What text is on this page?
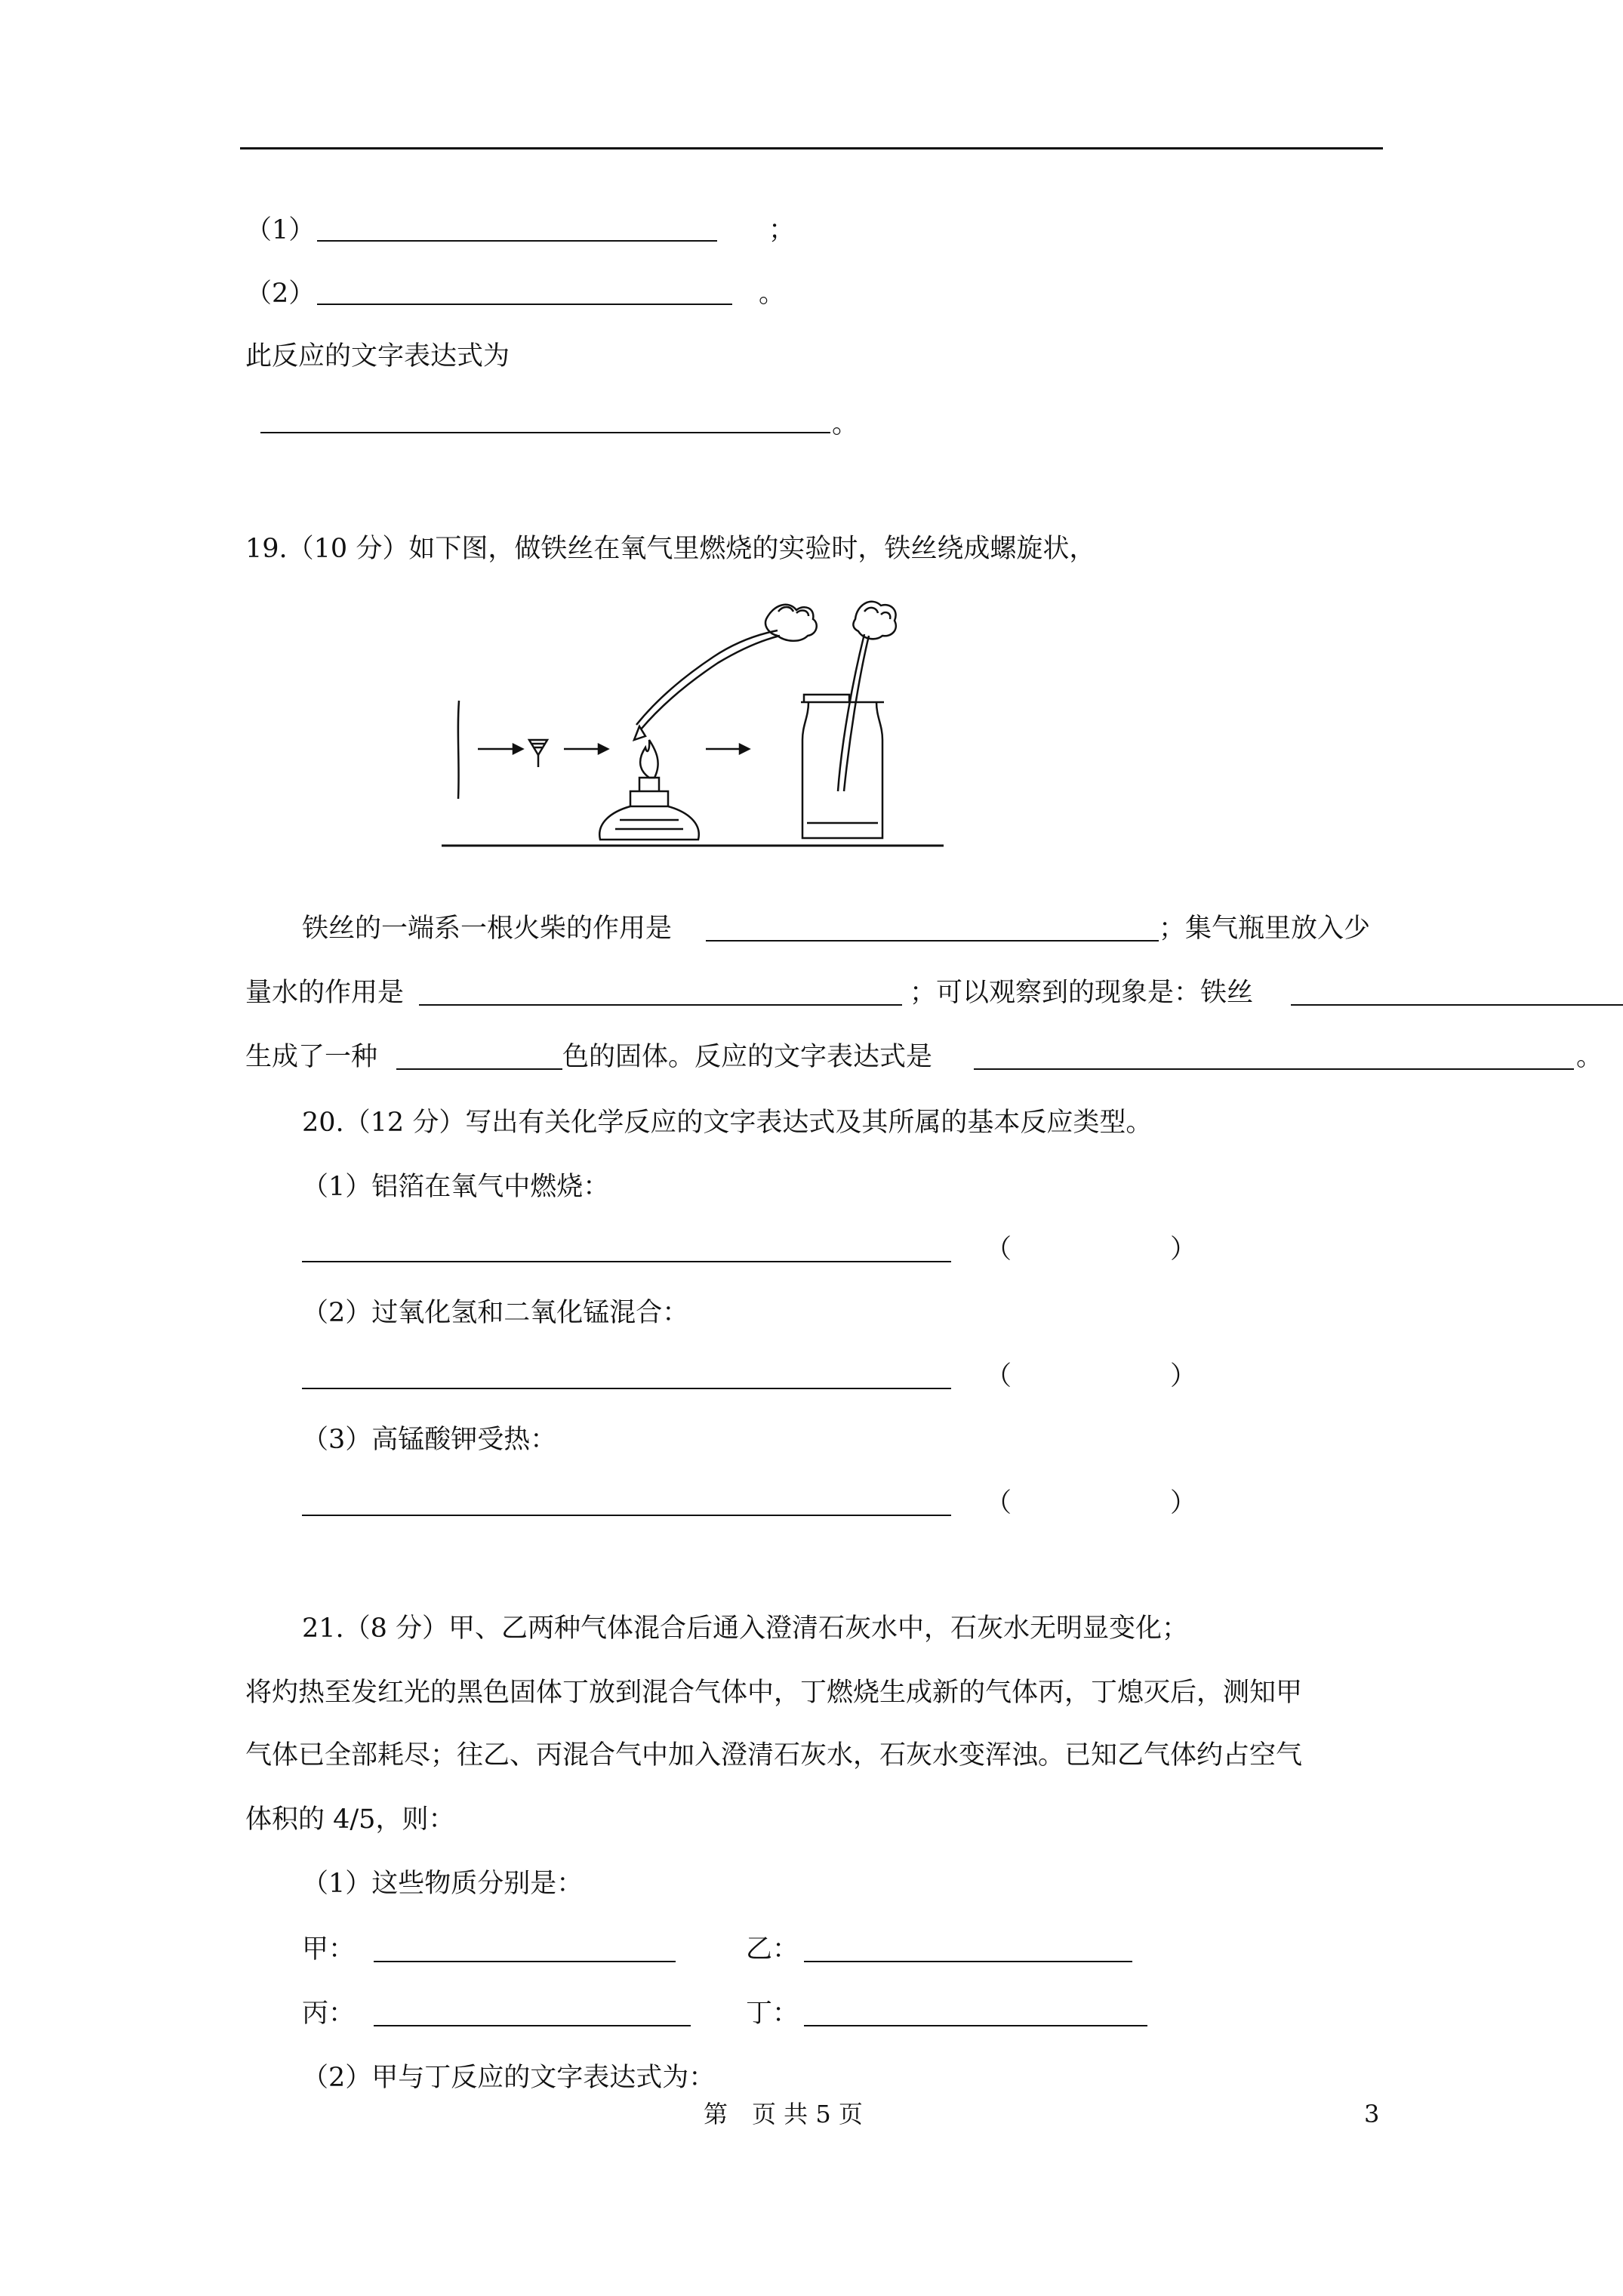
（1）	；
（2）	。
此反应的文字表达式为
。
19.（10 分）如下图，做铁丝在氧气里燃烧的实验时，铁丝绕成螺旋状，
铁丝的一端系一根火柴的作用是	；集气瓶里放入少
量水的作用是	；可以观察到的现象是：铁丝
生成了一种	色的固体。反应的文字表达式是	。
20.（12 分）写出有关化学反应的文字表达式及其所属的基本反应类型。
（1）铝箔在氧气中燃烧：
（	）
（2）过氧化氢和二氧化锰混合：
（	）
（3）高锰酸钾受热：
（	）
21.（8 分）甲、乙两种气体混合后通入澄清石灰水中，石灰水无明显变化；
将灼热至发红光的黑色固体丁放到混合气体中，丁燃烧生成新的气体丙，丁熄灭后，测知甲
气体已全部耗尽；往乙、丙混合气中加入澄清石灰水，石灰水变浑浊。已知乙气体约占空气
体积的 4/5，则：
（1）这些物质分别是：
甲：	乙：
丙：	丁：
（2）甲与丁反应的文字表达式为：
第　页 共 5 页	3
